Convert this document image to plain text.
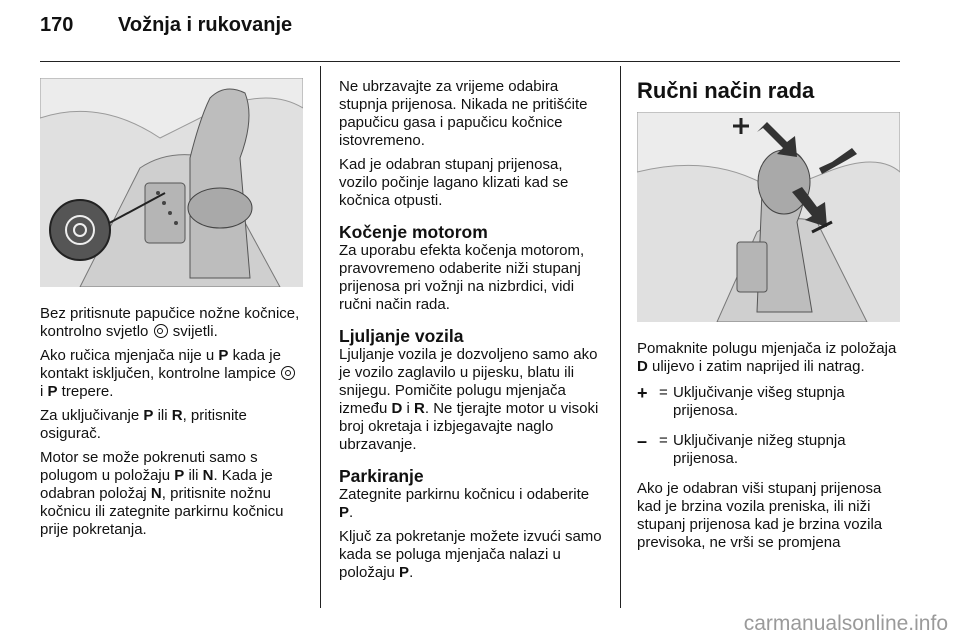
170 Vožnja i rukovanje

Bez pritisnute papučice nožne kočnice, kontrolno svjetlo  svijetli.

Ako ručica mjenjača nije u P kada je kontakt isključen, kontrolne lampice  i P trepere.

Za uključivanje P ili R, pritisnite osigurač.

Motor se može pokrenuti samo s polugom u položaju P ili N. Kada je odabran položaj N, pritisnite nožnu kočnicu ili zategnite parkirnu kočnicu prije pokretanja.

Ne ubrzavajte za vrijeme odabira stupnja prijenosa. Nikada ne pritišćite papučicu gasa i papučicu kočnice istovremeno.

Kad je odabran stupanj prijenosa, vozilo počinje lagano klizati kad se kočnica otpusti.

Kočenje motorom

Za uporabu efekta kočenja motorom, pravovremeno odaberite niži stupanj prijenosa pri vožnji na nizbrdici, vidi ručni način rada.

Ljuljanje vozila

Ljuljanje vozila je dozvoljeno samo ako je vozilo zaglavilo u pijesku, blatu ili snijegu. Pomičite polugu mjenjača između D i R. Ne tjerajte motor u visoki broj okretaja i izbjegavajte naglo ubrzavanje.

Parkiranje

Zategnite parkirnu kočnicu i odaberite P.

Ključ za pokretanje možete izvući samo kada se poluga mjenjača nalazi u položaju P.

Ručni način rada

Pomaknite polugu mjenjača iz položaja D ulijevo i zatim naprijed ili natrag.

+ = Uključivanje višeg stupnja prijenosa.
– = Uključivanje nižeg stupnja prijenosa.

Ako je odabran viši stupanj prijenosa kad je brzina vozila preniska, ili niži stupanj prijenosa kad je brzina vozila previsoka, ne vrši se promjena

carmanualsonline.info
